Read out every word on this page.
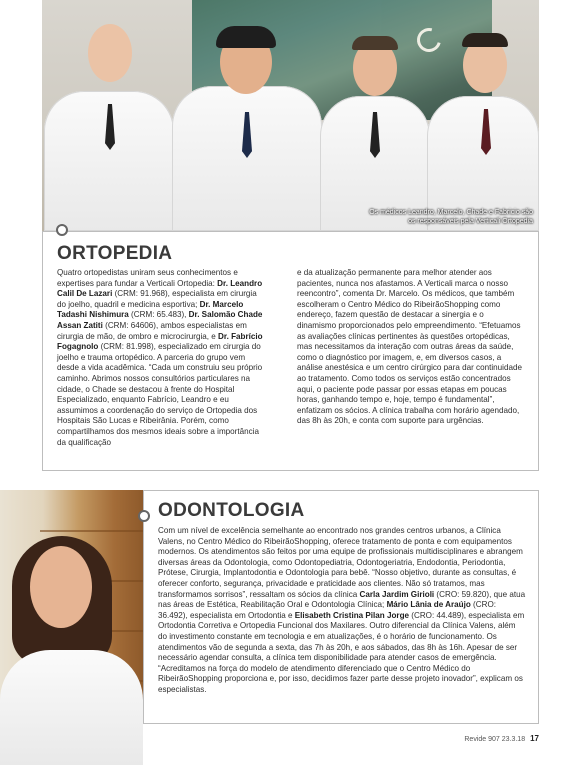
Os médicos Leandro, Marcelo, Chade e Fabricio são os responsáveis pela Verticali Ortopedia
ORTOPEDIA
Quatro ortopedistas uniram seus conhecimentos e expertises para fundar a Verticali Ortopedia: Dr. Leandro Calil De Lazari (CRM: 91.968), especialista em cirurgia do joelho, quadril e medicina esportiva; Dr. Marcelo Tadashi Nishimura (CRM: 65.483), Dr. Salomão Chade Assan Zatiti (CRM: 64606), ambos especialistas em cirurgia de mão, de ombro e microcirurgia, e Dr. Fabrício Fogagnolo (CRM: 81.998), especializado em cirurgia do joelho e trauma ortopédico. A parceria do grupo vem desde a vida acadêmica. “Cada um construiu seu próprio caminho. Abrimos nossos consultórios particulares na cidade, o Chade se destacou à frente do Hospital Especializado, enquanto Fabrício, Leandro e eu assumimos a coordenação do serviço de Ortopedia dos Hospitais São Lucas e Ribeirânia. Porém, como compartilhamos dos mesmos ideais sobre a importância da qualificação
e da atualização permanente para melhor atender aos pacientes, nunca nos afastamos. A Verticali marca o nosso reencontro”, comenta Dr. Marcelo. Os médicos, que também escolheram o Centro Médico do RibeirãoShopping como endereço, fazem questão de destacar a sinergia e o dinamismo proporcionados pelo empreendimento. “Efetuamos as avaliações clínicas pertinentes às questões ortopédicas, mas necessitamos da interação com outras áreas da saúde, como o diagnóstico por imagem, e, em diversos casos, a análise anestésica e um centro cirúrgico para dar continuidade ao tratamento. Como todos os serviços estão concentrados aqui, o paciente pode passar por essas etapas em poucas horas, ganhando tempo e, hoje, tempo é fundamental”, enfatizam os sócios. A clínica trabalha com horário agendado, das 8h às 20h, e conta com suporte para urgências.
ODONTOLOGIA
Com um nível de excelência semelhante ao encontrado nos grandes centros urbanos, a Clínica Valens, no Centro Médico do RibeirãoShopping, oferece tratamento de ponta e com equipamentos modernos. Os atendimentos são feitos por uma equipe de profissionais multidisciplinares e abrangem diversas áreas da Odontologia, como Odontopediatria, Odontogeriatria, Endodontia, Periodontia, Prótese, Cirurgia, Implantodontia e Odontologia para bebê. “Nosso objetivo, durante as consultas, é oferecer conforto, segurança, privacidade e praticidade aos clientes. Não só tratamos, mas transformamos sorrisos”, ressaltam os sócios da clínica Carla Jardim Girioli (CRO: 59.820), que atua nas áreas de Estética, Reabilitação Oral e Odontologia Clínica; Mário Lânia de Araújo (CRO: 36.492), especialista em Ortodontia e Elisabeth Cristina Pilan Jorge (CRO: 44.489), especialista em Ortodontia Corretiva e Ortopedia Funcional dos Maxilares. Outro diferencial da Clínica Valens, além do investimento constante em tecnologia e em atualizações, é o horário de funcionamento. Os atendimentos vão de segunda a sexta, das 7h às 20h, e aos sábados, das 8h às 16h. Apesar de ser necessário agendar consulta, a clínica tem disponibilidade para atender casos de emergência. “Acreditamos na força do modelo de atendimento diferenciado que o Centro Médico do RibeirãoShopping proporciona e, por isso, decidimos fazer parte desse projeto inovador”, explicam os especialistas.
Revide 907 23.3.18 17
